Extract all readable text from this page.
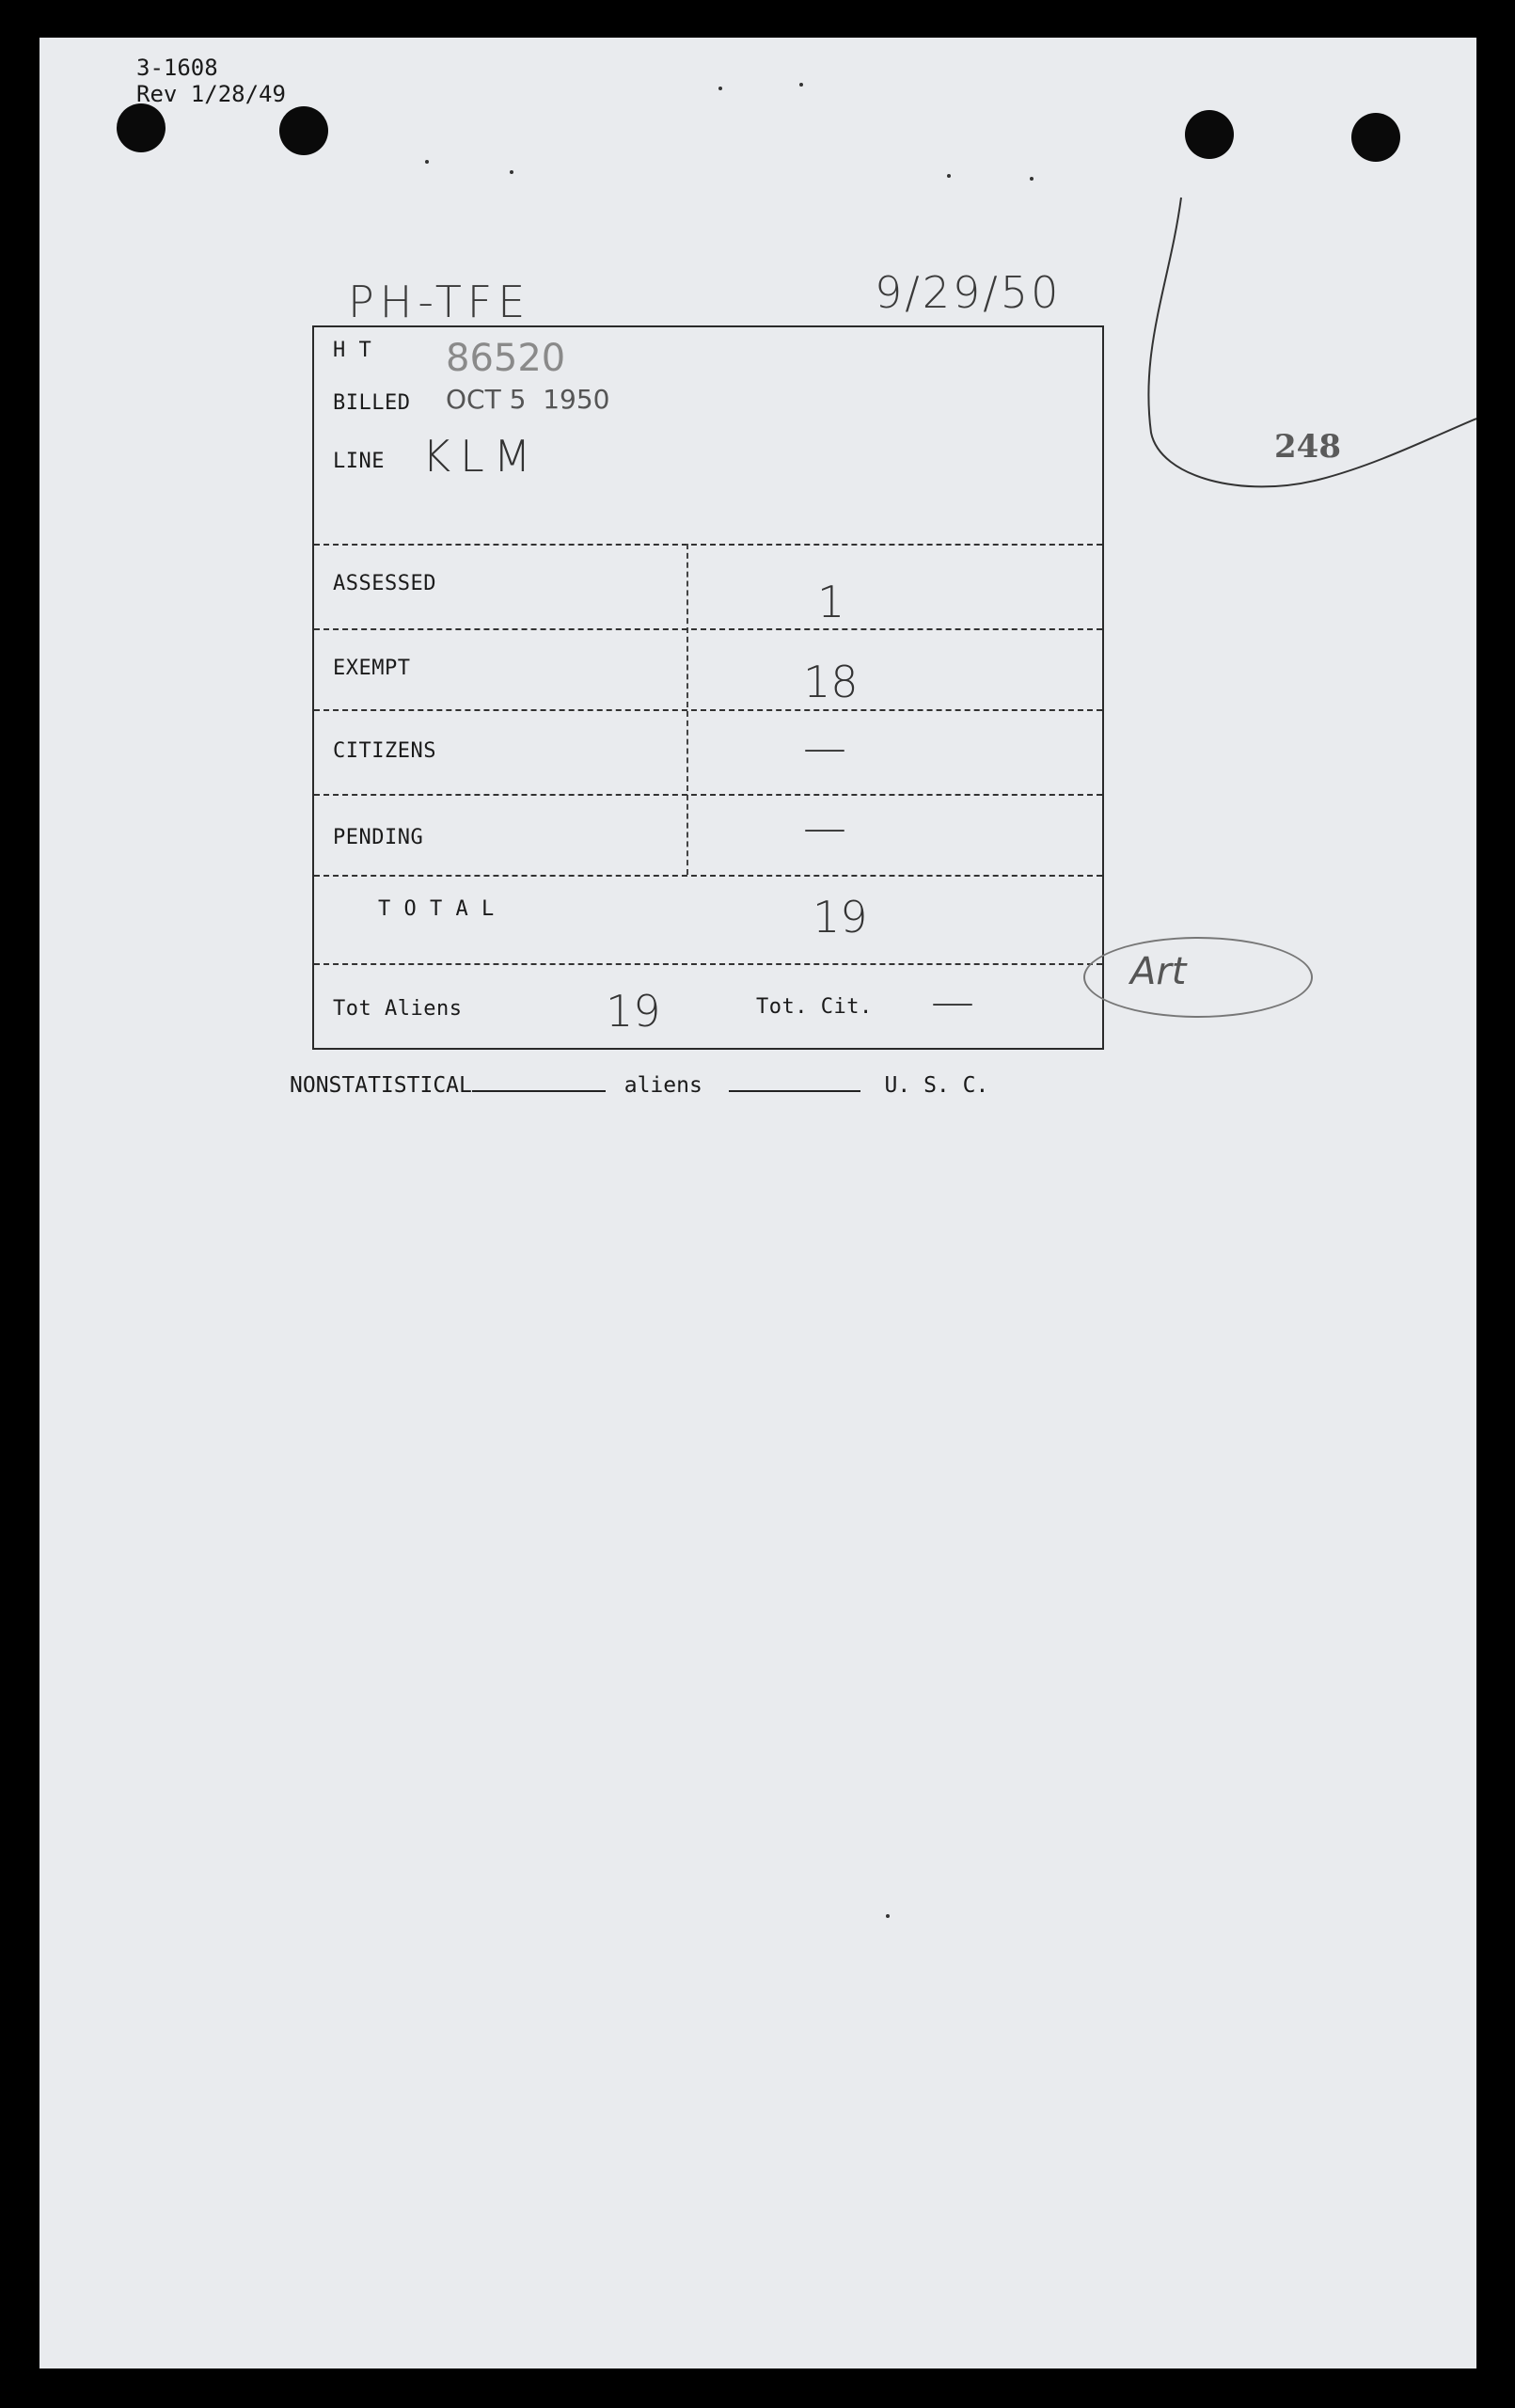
3-1608
Rev 1/28/49
PH-TFE	9/29/50
248
H T 86520
BILLED OCT 5  1950
LINE KLM
ASSESSED	1
EXEMPT	18
CITIZENS	—
PENDING	—
T O T A L	19
Tot Aliens	19	Tot. Cit. —
Art
NONSTATISTICAL	aliens	U. S. C.
